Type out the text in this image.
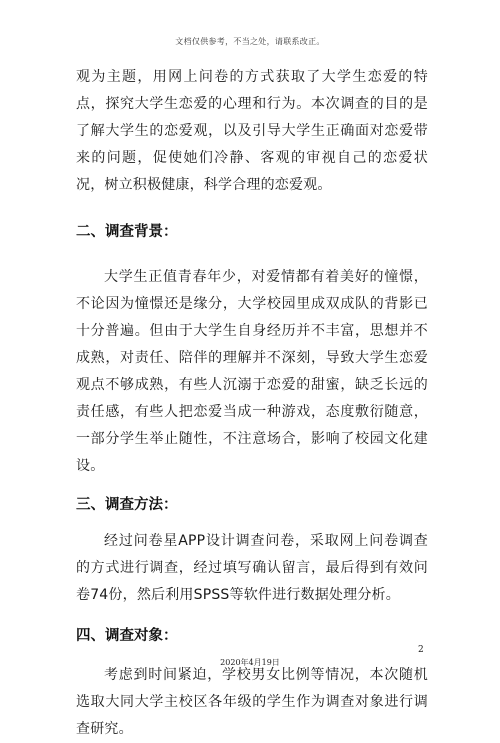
文档仅供参考，不当之处，请联系改正。

观为主题，用网上问卷的方式获取了大学生恋爱的特点，探究大学生恋爱的心理和行为。本次调查的目的是了解大学生的恋爱观，以及引导大学生正确面对恋爱带来的问题，促使她们冷静、客观的审视自己的恋爱状况，树立积极健康，科学合理的恋爱观。

二、调查背景：

大学生正值青春年少，对爱情都有着美好的憧憬，不论因为憧憬还是缘分，大学校园里成双成队的背影已十分普遍。但由于大学生自身经历并不丰富，思想并不成熟，对责任、陪伴的理解并不深刻，导致大学生恋爱观点不够成熟，有些人沉溺于恋爱的甜蜜，缺乏长远的责任感，有些人把恋爱当成一种游戏，态度敷衍随意，一部分学生举止随性，不注意场合，影响了校园文化建设。

三、调查方法：

经过问卷星APP设计调查问卷，采取网上问卷调查的方式进行调查，经过填写确认留言，最后得到有效问卷74份，然后利用SPSS等软件进行数据处理分析。

四、调查对象：

考虑到时间紧迫，学校男女比例等情况，本次随机选取大同大学主校区各年级的学生作为调查对象进行调查研究。

2
2020年4月19日
